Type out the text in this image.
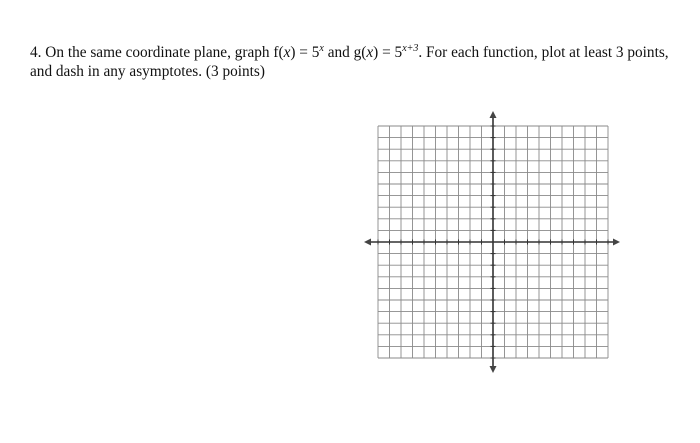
4. On the same coordinate plane, graph $f(x) = 5^x$ and $g(x) = 5^{x+3}$. For each function, plot at least 3 points,
and dash in any asymptotes. (3 points)
